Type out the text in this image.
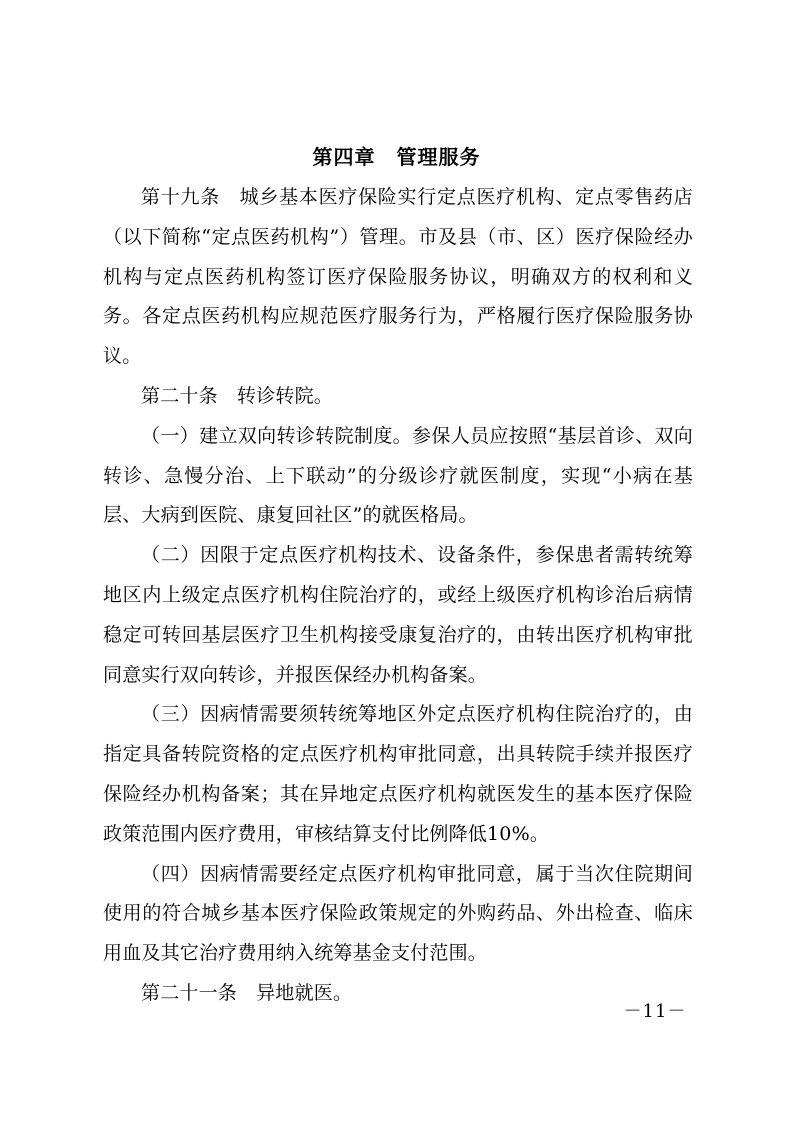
第四章　管理服务

第十九条　城乡基本医疗保险实行定点医疗机构、定点零售药店（以下简称“定点医药机构”）管理。市及县（市、区）医疗保险经办机构与定点医药机构签订医疗保险服务协议，明确双方的权利和义务。各定点医药机构应规范医疗服务行为，严格履行医疗保险服务协议。

第二十条　转诊转院。

（一）建立双向转诊转院制度。参保人员应按照“基层首诊、双向转诊、急慢分治、上下联动”的分级诊疗就医制度，实现“小病在基层、大病到医院、康复回社区”的就医格局。

（二）因限于定点医疗机构技术、设备条件，参保患者需转统筹地区内上级定点医疗机构住院治疗的，或经上级医疗机构诊治后病情稳定可转回基层医疗卫生机构接受康复治疗的，由转出医疗机构审批同意实行双向转诊，并报医保经办机构备案。

（三）因病情需要须转统筹地区外定点医疗机构住院治疗的，由指定具备转院资格的定点医疗机构审批同意，出具转院手续并报医疗保险经办机构备案；其在异地定点医疗机构就医发生的基本医疗保险政策范围内医疗费用，审核结算支付比例降低10%。

（四）因病情需要经定点医疗机构审批同意，属于当次住院期间使用的符合城乡基本医疗保险政策规定的外购药品、外出检查、临床用血及其它治疗费用纳入统筹基金支付范围。

第二十一条　异地就医。

－11－
